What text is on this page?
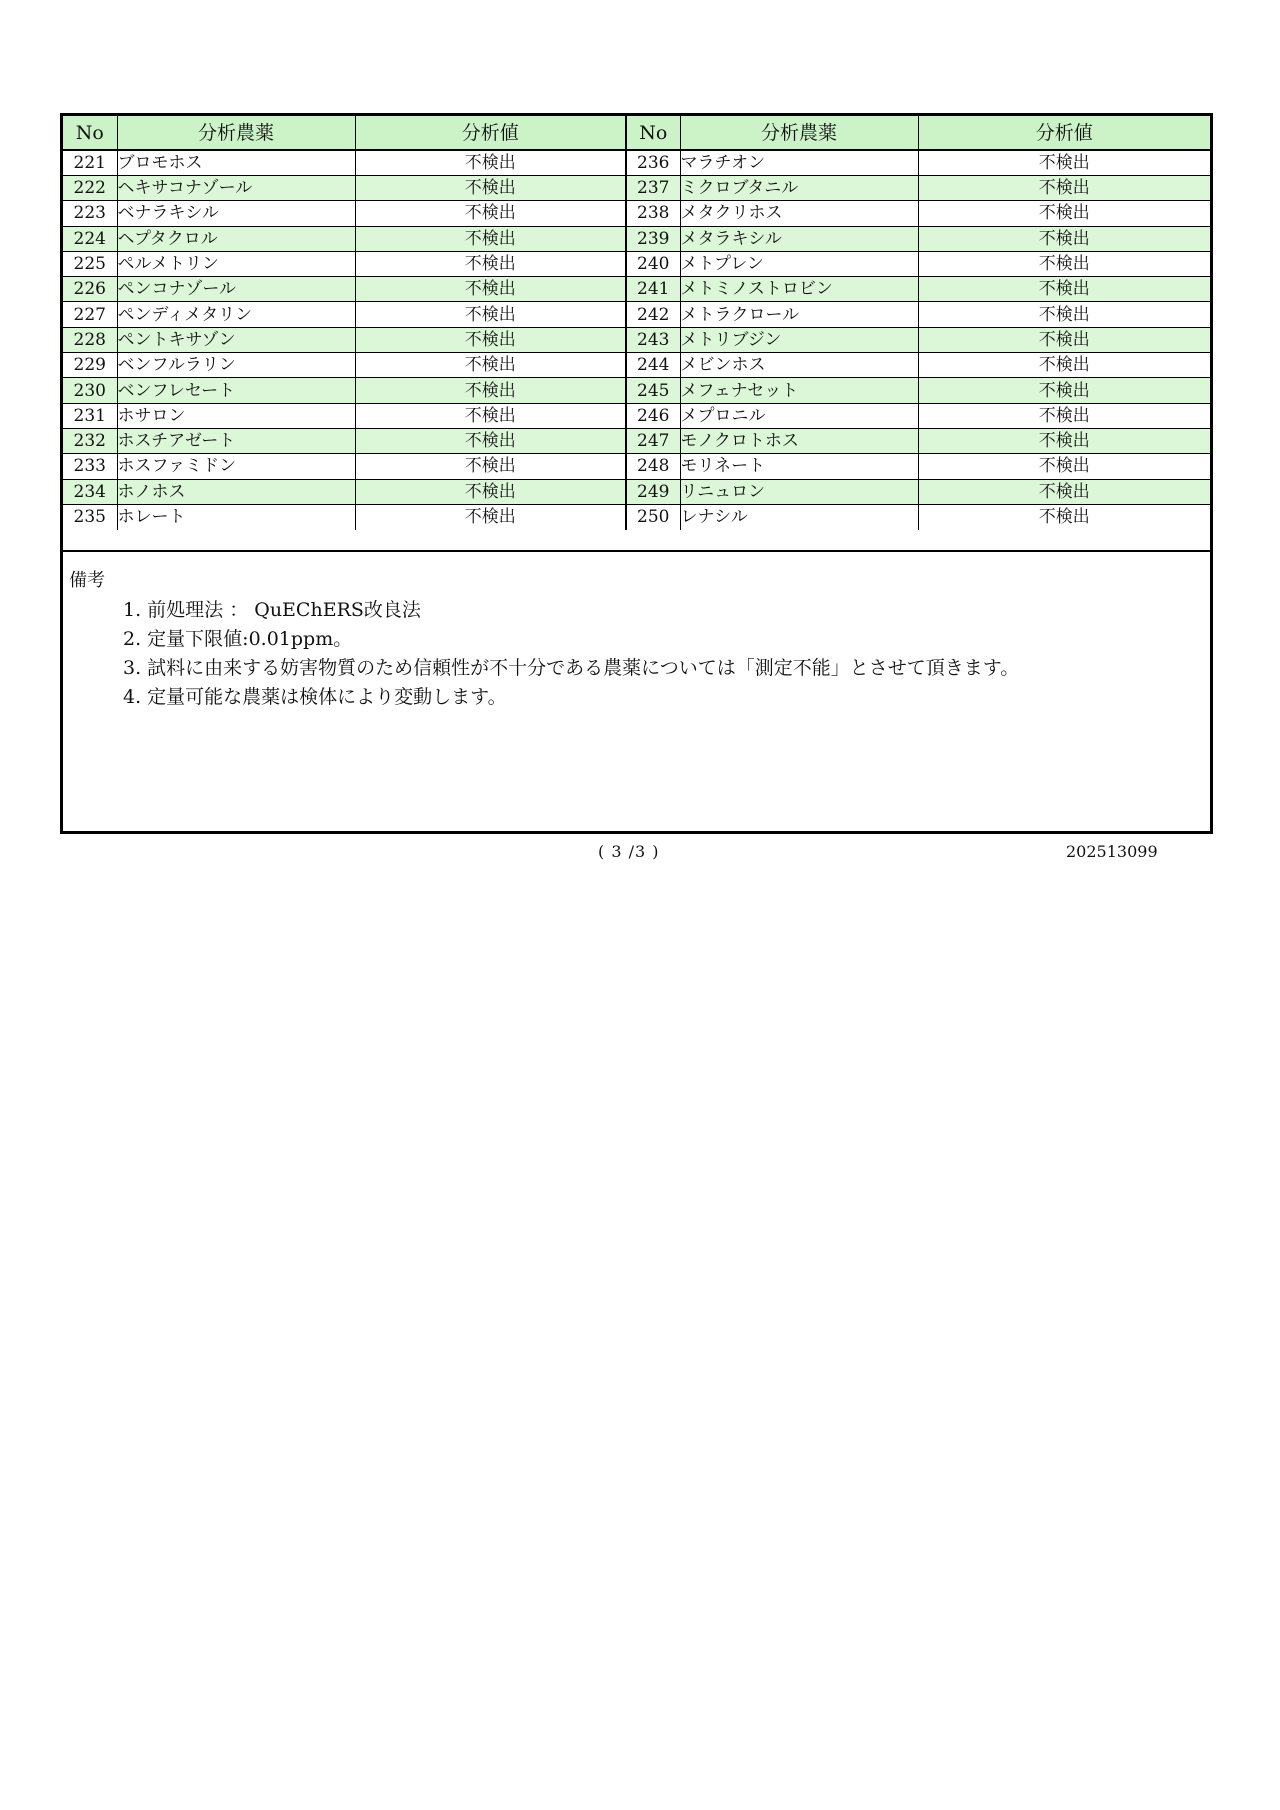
No	分析農薬	分析値	No	分析農薬	分析値
221	ブロモホス	不検出	236	マラチオン	不検出
222	ヘキサコナゾール	不検出	237	ミクロブタニル	不検出
223	ベナラキシル	不検出	238	メタクリホス	不検出
224	ヘプタクロル	不検出	239	メタラキシル	不検出
225	ペルメトリン	不検出	240	メトプレン	不検出
226	ペンコナゾール	不検出	241	メトミノストロビン	不検出
227	ペンディメタリン	不検出	242	メトラクロール	不検出
228	ペントキサゾン	不検出	243	メトリブジン	不検出
229	ベンフルラリン	不検出	244	メビンホス	不検出
230	ベンフレセート	不検出	245	メフェナセット	不検出
231	ホサロン	不検出	246	メプロニル	不検出
232	ホスチアゼート	不検出	247	モノクロトホス	不検出
233	ホスファミドン	不検出	248	モリネート	不検出
234	ホノホス	不検出	249	リニュロン	不検出
235	ホレート	不検出	250	レナシル	不検出
備考
1. 前処理法 ： QuEChERS改良法
2. 定量下限値:0.01ppm。
3. 試料に由来する妨害物質のため信頼性が不十分である農薬については「測定不能」とさせて頂きます。
4. 定量可能な農薬は検体により変動します。
( 3 /3 )	202513099
